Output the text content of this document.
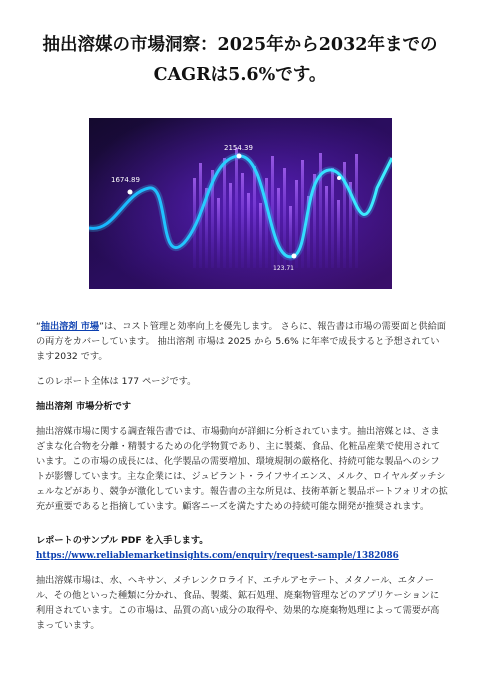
抽出溶媒の市場洞察：2025年から2032年までのCAGRは5.6%です。
1674.89
2154.39
123.71

“抽出溶剤 市場”は、コスト管理と効率向上を優先します。 さらに、報告書は市場の需要面と供給面の両方をカバーしています。 抽出溶剤 市場は 2025 から 5.6% に年率で成長すると予想されています2032 です。

このレポート全体は 177 ページです。

抽出溶剤 市場分析です

抽出溶媒市場に関する調査報告書では、市場動向が詳細に分析されています。抽出溶媒とは、さまざまな化合物を分離・精製するための化学物質であり、主に製薬、食品、化粧品産業で使用されています。この市場の成長には、化学製品の需要増加、環境規制の厳格化、持続可能な製品へのシフトが影響しています。主な企業には、ジュビラント・ライフサイエンス、メルク、ロイヤルダッチシェルなどがあり、競争が激化しています。報告書の主な所見は、技術革新と製品ポートフォリオの拡充が重要であると指摘しています。顧客ニーズを満たすための持続可能な開発が推奨されます。

レポートのサンプル PDF を入手します。 https://www.reliablemarketinsights.com/enquiry/request-sample/1382086

抽出溶媒市場は、水、ヘキサン、メチレンクロライド、エチルアセテート、メタノール、エタノール、その他といった種類に分かれ、食品、製薬、鉱石処理、廃棄物管理などのアプリケーションに利用されています。この市場は、品質の高い成分の取得や、効果的な廃棄物処理によって需要が高まっています。
